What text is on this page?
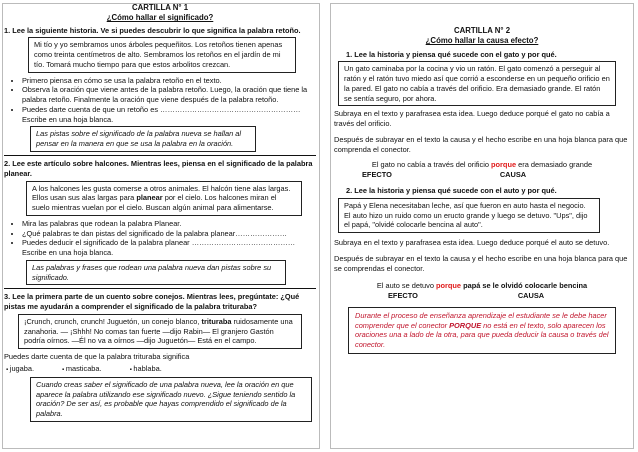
CARTILLA N° 1
¿Cómo hallar el significado?
1. Lee la siguiente historia. Ve si puedes descubrir lo que significa la palabra retoño.
Mi tío y yo sembramos unos árboles pequeñitos. Los retoños tienen apenas como treinta centímetros de alto. Sembramos los retoños en el jardín de mi tío. Tomará mucho tiempo para que estos arbolitos crezcan.
• Primero piensa en cómo se usa la palabra retoño en el texto.
• Observa la oración que viene antes de la palabra retoño. Luego, la oración que tiene la palabra retoño. Finalmente la oración que viene después de la palabra retoño.
• Puedes darte cuenta de que un retoño es ………………………………………………… Escribe en una hoja blanca.
Las pistas sobre el significado de la palabra nueva se hallan al pensar en la manera en que se usa la palabra en la oración.
2. Lee este artículo sobre halcones. Mientras lees, piensa en el significado de la palabra planear.
A los halcones les gusta comerse a otros animales. El halcón tiene alas largas. Ellos usan sus alas largas para planear por el cielo. Los halcones miran el suelo mientras vuelan por el cielo. Buscan algún animal para alimentarse.
• Mira las palabras que rodean la palabra Planear.
• ¿Qué palabras te dan pistas del significado de la palabra planear…………………
• Puedes deducir el significado de la palabra planear …………………………………… Escribe en una hoja blanca.
Las palabras y frases que rodean una palabra nueva dan pistas sobre su significado.
3. Lee la primera parte de un cuento sobre conejos. Mientras lees, pregúntate: ¿Qué pistas me ayudarán a comprender el significado de la palabra trituraba?
¡Crunch, crunch, crunch! Juguetón, un conejo blanco, trituraba ruidosamente una zanahoria. — ¡Shhh! No comas tan fuerte —dijo Rabin— El granjero Gastón podría oírnos. —Él no va a oírnos —dijo Juguetón— Está en el campo.

Puedes darte cuenta de que la palabra trituraba significa

▪ jugaba.	▪ masticaba.	▪ hablaba.
Cuando creas saber el significado de una palabra nueva, lee la oración en que aparece la palabra utilizando ese significado nuevo. ¿Sigue teniendo sentido la oración? De ser así, es probable que hayas comprendido el significado de la palabra.
CARTILLA N° 2
¿Cómo hallar la causa efecto?
1. Lee la historia y piensa qué sucede con el gato y por qué.
Un gato caminaba por la cocina y vio un ratón. El gato comenzó a perseguir al ratón y el ratón tuvo miedo así que corrió a esconderse en un pequeño orificio en la pared. El gato no cabía a través del orificio. Era demasiado grande. El ratón se sentía seguro, por ahora.

Subraya en el texto y parafrasea esta idea. Luego deduce porqué el gato no cabía a través del orificio.

Después de subrayar en el texto la causa y el hecho escribe en una hoja blanca para que comprenda el conector.

El gato no cabía a través del orificio porque era demasiado grande
EFECTO	CAUSA
2. Lee la historia y piensa qué sucede con el auto y por qué.
Papá y Elena necesitaban leche, así que fueron en auto hasta el negocio. El auto hizo un ruido como un eructo grande y luego se detuvo. "Ups", dijo el papá, "olvidé colocarle bencina al auto".

Subraya en el texto y parafrasea esta idea. Luego deduce porqué el auto se detuvo.

Después de subrayar en el texto la causa y el hecho escribe en una hoja blanca para que se comprendas el conector.

El auto se detuvo porque papá se le olvidó colocarle bencina
EFECTO	CAUSA
Durante el proceso de enseñanza aprendizaje el estudiante se le debe hacer comprender que el conector PORQUE no está en el texto, solo aparecen los oraciones una a lado de la otra, para que pueda deducir la causa o través del conector.
